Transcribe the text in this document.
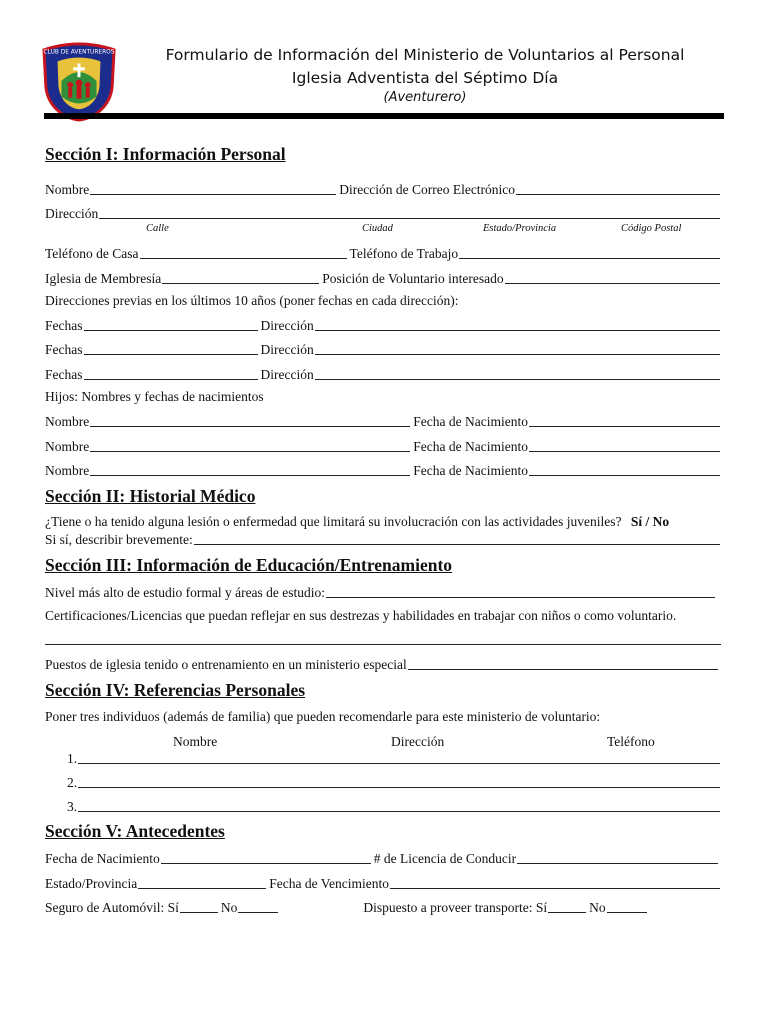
CLUB DE AVENTUREROS	Formulario de Información del Ministerio de Voluntarios al Personal
Iglesia Adventista del Séptimo Día
(Aventurero)
Sección I: Información Personal
Nombre	Dirección de Correo Electrónico
Dirección
Calle	Ciudad	Estado/Provincia	Código Postal
Teléfono de Casa	Teléfono de Trabajo
Iglesia de Membresía	Posición de Voluntario interesado
Direcciones previas en los últimos 10 años (poner fechas en cada dirección):
Fechas	Dirección
Fechas	Dirección
Fechas	Dirección
Hijos: Nombres y fechas de nacimientos
Nombre	Fecha de Nacimiento
Nombre	Fecha de Nacimiento
Nombre	Fecha de Nacimiento
Sección II: Historial Médico
¿Tiene o ha tenido alguna lesión o enfermedad que limitará su involucración con las actividades juveniles? Sí / No
Si sí, describir brevemente:
Sección III: Información de Educación/Entrenamiento
Nivel más alto de estudio formal y áreas de estudio:
Certificaciones/Licencias que puedan reflejar en sus destrezas y habilidades en trabajar con niños o como voluntario.
Puestos de iglesia tenido o entrenamiento en un ministerio especial
Sección IV: Referencias Personales
Poner tres individuos (además de familia) que pueden recomendarle para este ministerio de voluntario:
Nombre	Dirección	Teléfono
1.
2.
3.
Sección V: Antecedentes
Fecha de Nacimiento	# de Licencia de Conducir
Estado/Provincia	Fecha de Vencimiento
Seguro de Automóvil: Sí	No	Dispuesto a proveer transporte: Sí	No
